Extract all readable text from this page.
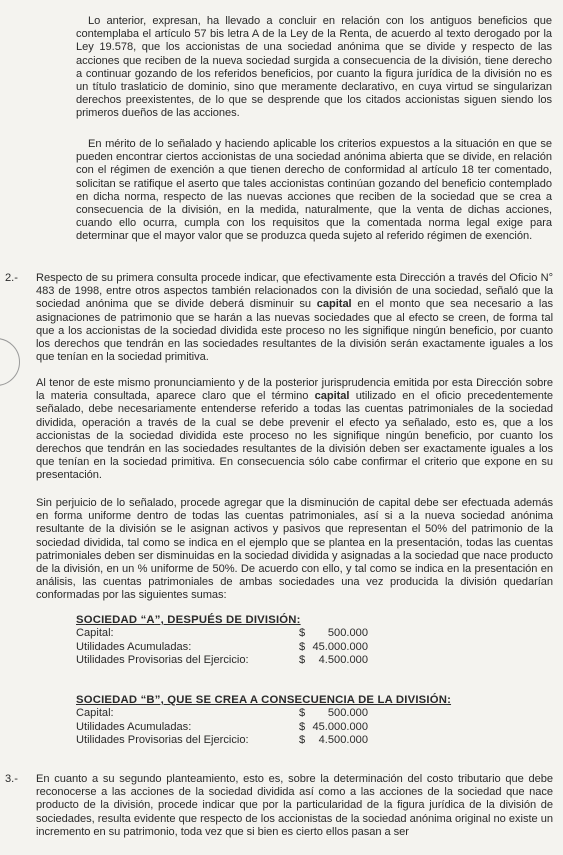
Lo anterior, expresan, ha llevado a concluir en relación con los antiguos beneficios que contemplaba el artículo 57 bis letra A de la Ley de la Renta, de acuerdo al texto derogado por la Ley 19.578, que los accionistas de una sociedad anónima que se divide y respecto de las acciones que reciben de la nueva sociedad surgida a consecuencia de la división, tiene derecho a continuar gozando de los referidos beneficios, por cuanto la figura jurídica de la división no es un título traslaticio de dominio, sino que meramente declarativo, en cuya virtud se singularizan derechos preexistentes, de lo que se desprende que los citados accionistas siguen siendo los primeros dueños de las acciones.

En mérito de lo señalado y haciendo aplicable los criterios expuestos a la situación en que se pueden encontrar ciertos accionistas de una sociedad anónima abierta que se divide, en relación con el régimen de exención a que tienen derecho de conformidad al artículo 18 ter comentado, solicitan se ratifique el aserto que tales accionistas continúan gozando del beneficio contemplado en dicha norma, respecto de las nuevas acciones que reciben de la sociedad que se crea a consecuencia de la división, en la medida, naturalmente, que la venta de dichas acciones, cuando ello ocurra, cumpla con los requisitos que la comentada norma legal exige para determinar que el mayor valor que se produzca queda sujeto al referido régimen de exención.

2.- Respecto de su primera consulta procede indicar, que efectivamente esta Dirección a través del Oficio N° 483 de 1998, entre otros aspectos también relacionados con la división de una sociedad, señaló que la sociedad anónima que se divide deberá disminuir su capital en el monto que sea necesario a las asignaciones de patrimonio que se harán a las nuevas sociedades que al efecto se creen, de forma tal que a los accionistas de la sociedad dividida este proceso no les signifique ningún beneficio, por cuanto los derechos que tendrán en las sociedades resultantes de la división serán exactamente iguales a los que tenían en la sociedad primitiva.

Al tenor de este mismo pronunciamiento y de la posterior jurisprudencia emitida por esta Dirección sobre la materia consultada, aparece claro que el término capital utilizado en el oficio precedentemente señalado, debe necesariamente entenderse referido a todas las cuentas patrimoniales de la sociedad dividida, operación a través de la cual se debe prevenir el efecto ya señalado, esto es, que a los accionistas de la sociedad dividida este proceso no les signifique ningún beneficio, por cuanto los derechos que tendrán en las sociedades resultantes de la división deben ser exactamente iguales a los que tenían en la sociedad primitiva. En consecuencia sólo cabe confirmar el criterio que expone en su presentación.

Sin perjuicio de lo señalado, procede agregar que la disminución de capital debe ser efectuada además en forma uniforme dentro de todas las cuentas patrimoniales, así si a la nueva sociedad anónima resultante de la división se le asignan activos y pasivos que representan el 50% del patrimonio de la sociedad dividida, tal como se indica en el ejemplo que se plantea en la presentación, todas las cuentas patrimoniales deben ser disminuidas en la sociedad dividida y asignadas a la sociedad que nace producto de la división, en un % uniforme de 50%. De acuerdo con ello, y tal como se indica en la presentación en análisis, las cuentas patrimoniales de ambas sociedades una vez producida la división quedarían conformadas por las siguientes sumas:

SOCIEDAD “A”, DESPUÉS DE DIVISIÓN:
Capital:	$	500.000
Utilidades Acumuladas:	$ 45.000.000
Utilidades Provisorias del Ejercicio:	$	4.500.000
SOCIEDAD “B”, QUE SE CREA A CONSECUENCIA DE LA DIVISIÓN:
Capital:	$	500.000
Utilidades Acumuladas:	$ 45.000.000
Utilidades Provisorias del Ejercicio:	$	4.500.000
3.- En cuanto a su segundo planteamiento, esto es, sobre la determinación del costo tributario que debe reconocerse a las acciones de la sociedad dividida así como a las acciones de la sociedad que nace producto de la división, procede indicar que por la particularidad de la figura jurídica de la división de sociedades, resulta evidente que respecto de los accionistas de la sociedad anónima original no existe un incremento en su patrimonio, toda vez que si bien es cierto ellos pasan a ser
